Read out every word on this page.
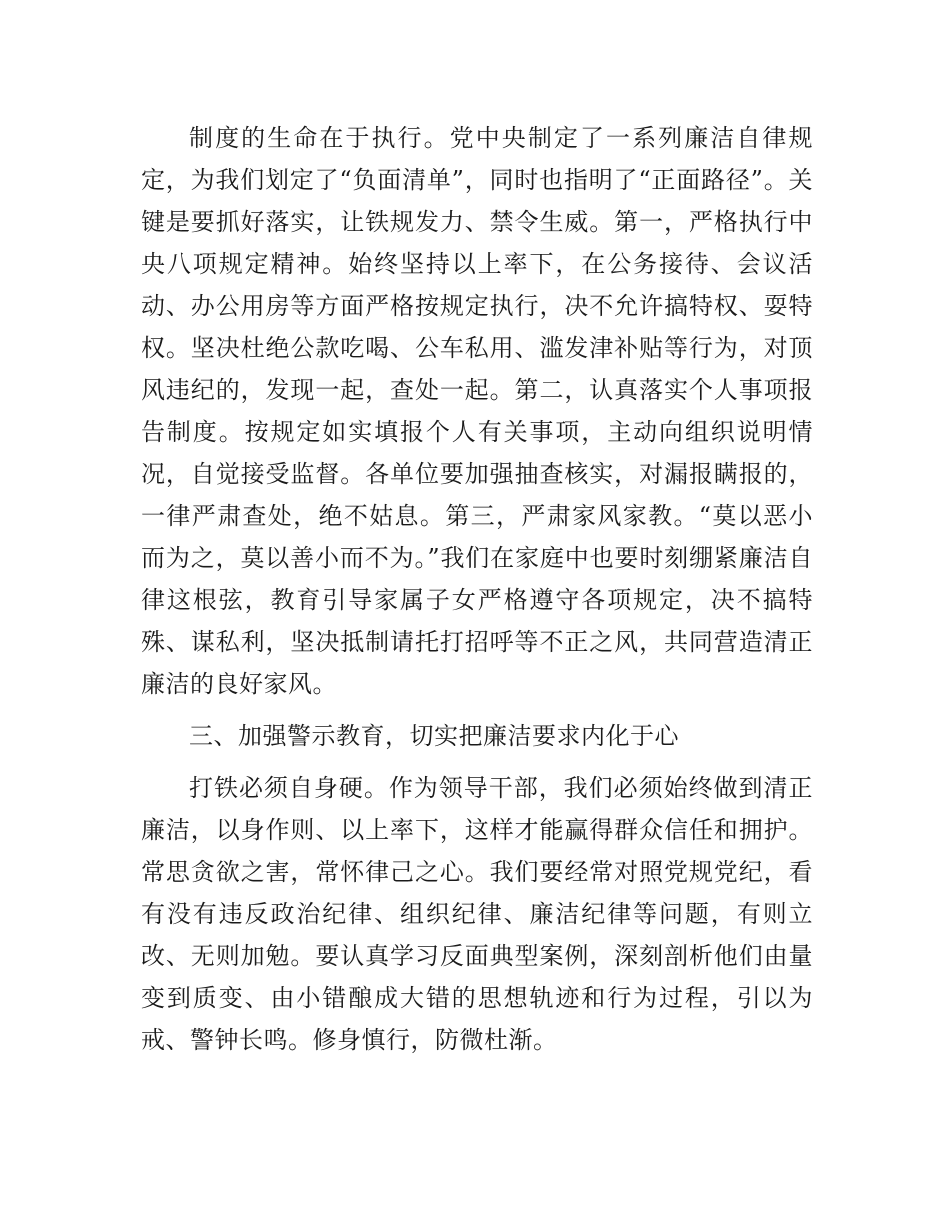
制度的生命在于执行。党中央制定了一系列廉洁自律规定，为我们划定了“负面清单”，同时也指明了“正面路径”。关键是要抓好落实，让铁规发力、禁令生威。第一，严格执行中央八项规定精神。始终坚持以上率下，在公务接待、会议活动、办公用房等方面严格按规定执行，决不允许搞特权、耍特权。坚决杜绝公款吃喝、公车私用、滥发津补贴等行为，对顶风违纪的，发现一起，查处一起。第二，认真落实个人事项报告制度。按规定如实填报个人有关事项，主动向组织说明情况，自觉接受监督。各单位要加强抽查核实，对漏报瞒报的，一律严肃查处，绝不姑息。第三，严肃家风家教。“莫以恶小而为之，莫以善小而不为。”我们在家庭中也要时刻绷紧廉洁自律这根弦，教育引导家属子女严格遵守各项规定，决不搞特殊、谋私利，坚决抵制请托打招呼等不正之风，共同营造清正廉洁的良好家风。

三、加强警示教育，切实把廉洁要求内化于心

打铁必须自身硬。作为领导干部，我们必须始终做到清正廉洁，以身作则、以上率下，这样才能赢得群众信任和拥护。常思贪欲之害，常怀律己之心。我们要经常对照党规党纪，看有没有违反政治纪律、组织纪律、廉洁纪律等问题，有则立改、无则加勉。要认真学习反面典型案例，深刻剖析他们由量变到质变、由小错酿成大错的思想轨迹和行为过程，引以为戒、警钟长鸣。修身慎行，防微杜渐。
